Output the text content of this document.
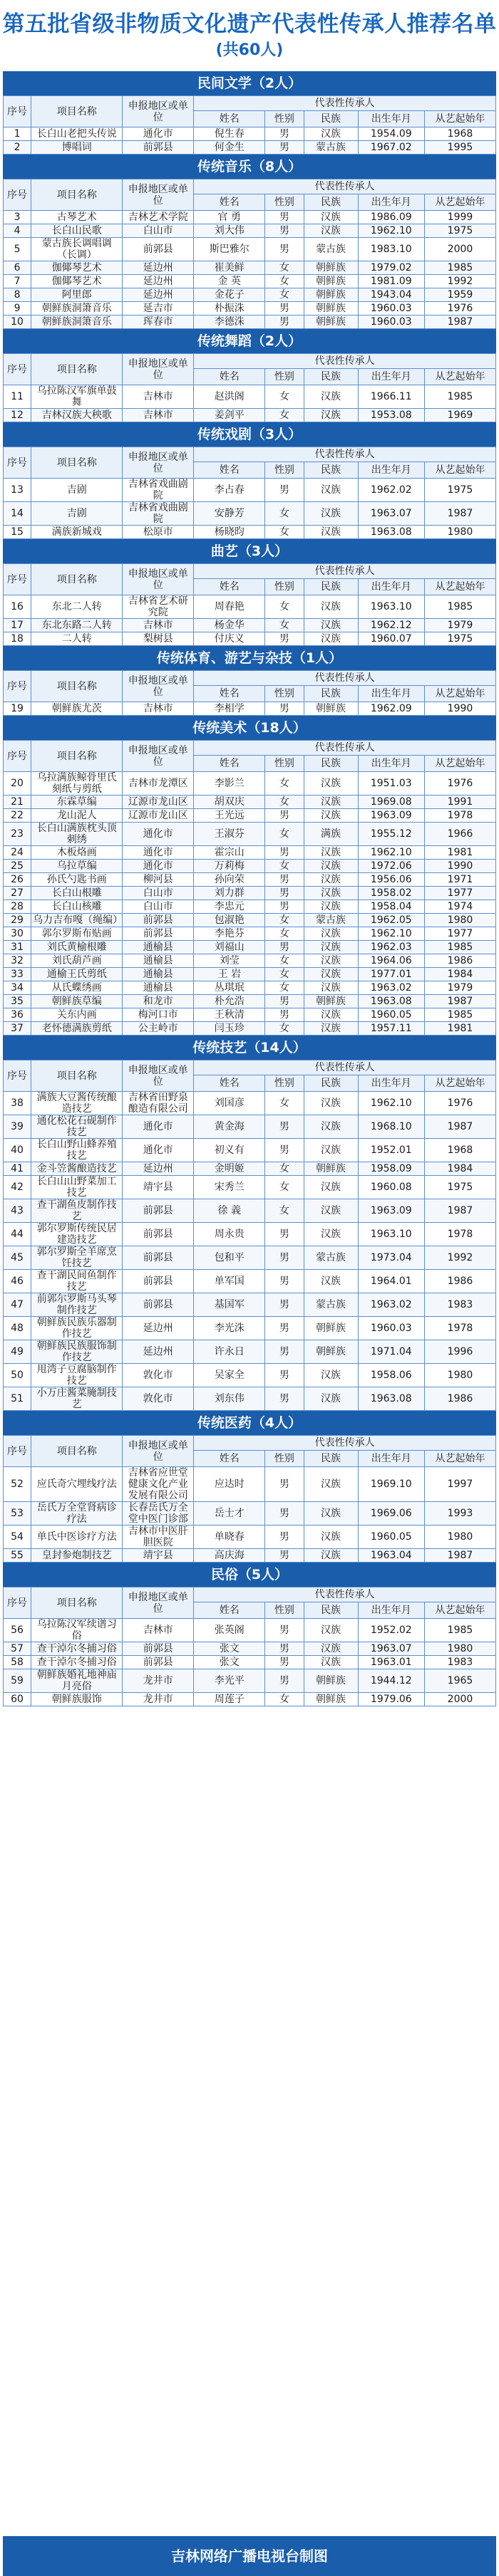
第五批省级非物质文化遗产代表性传承人推荐名单
(共60人)
民间文学（2人）
序号	项目名称	申报地区或单位	代表性传承人				
			姓名	性别	民族	出生年月	从艺起始年
1	长白山老把头传说	通化市	倪生春	男	汉族	1954.09	1968
2	博唱词	前郭县	何金生	男	蒙古族	1967.02	1995
传统音乐（8人）
序号	项目名称	申报地区或单位	代表性传承人				
			姓名	性别	民族	出生年月	从艺起始年
3	古琴艺术	吉林艺术学院	官 勇	男	汉族	1986.09	1999
4	长白山民歌	白山市	刘大伟	男	汉族	1962.10	1975
5	蒙古族长调唱调（长调）	前郭县	斯巴雅尔	男	蒙古族	1983.10	2000
6	伽倻琴艺术	延边州	崔美鲜	女	朝鲜族	1979.02	1985
7	伽倻琴艺术	延边州	金 英	女	朝鲜族	1981.09	1992
8	阿里郎	延边州	金花子	女	朝鲜族	1943.04	1959
9	朝鲜族洞箫音乐	延吉市	朴振洙	男	朝鲜族	1960.03	1976
10	朝鲜族洞箫音乐	珲春市	李德洙	男	朝鲜族	1960.03	1987
传统舞蹈（2人）
序号	项目名称	申报地区或单位	代表性传承人				
			姓名	性别	民族	出生年月	从艺起始年
11	乌拉陈汉军旗单鼓舞	吉林市	赵洪阁	女	汉族	1966.11	1985
12	吉林汉族大秧歌	吉林市	姜剑平	女	汉族	1953.08	1969
传统戏剧（3人）
序号	项目名称	申报地区或单位	代表性传承人				
			姓名	性别	民族	出生年月	从艺起始年
13	吉剧	吉林省戏曲剧院	李占春	男	汉族	1962.02	1975
14	吉剧	吉林省戏曲剧院	安静芳	女	汉族	1963.07	1987
15	满族新城戏	松原市	杨晓昀	女	汉族	1963.08	1980
曲艺（3人）
序号	项目名称	申报地区或单位	代表性传承人				
			姓名	性别	民族	出生年月	从艺起始年
16	东北二人转	吉林省艺术研究院	周春艳	女	汉族	1963.10	1985
17	东北东路二人转	吉林市	杨金华	女	汉族	1962.12	1979
18	二人转	梨树县	付庆义	男	汉族	1960.07	1975
传统体育、游艺与杂技（1人）
序号	项目名称	申报地区或单位	代表性传承人				
			姓名	性别	民族	出生年月	从艺起始年
19	朝鲜族尤茨	吉林市	李相学	男	朝鲜族	1962.09	1990
传统美术（18人）
序号	项目名称	申报地区或单位	代表性传承人				
			姓名	性别	民族	出生年月	从艺起始年
20	乌拉满族鲸骨里氏刻纸与剪纸	吉林市龙潭区	李影兰	女	汉族	1951.03	1976
21	东霖草编	辽源市龙山区	胡双庆	女	汉族	1969.08	1991
22	龙山泥人	辽源市龙山区	王光远	男	汉族	1963.09	1978
23	长白山满族枕头顶刺绣	通化市	王淑芬	女	满族	1955.12	1966
24	木板烙画	通化市	霍宗山	男	汉族	1962.10	1981
25	乌拉草编	通化市	万莉梅	女	汉族	1972.06	1990
26	孙氏勺匙书画	柳河县	孙向荣	男	汉族	1956.06	1971
27	长白山根雕	白山市	刘力群	男	汉族	1958.02	1977
28	长白山核雕	白山市	李忠元	男	汉族	1958.04	1974
29	乌力吉布嘎（绳编）	前郭县	包淑艳	女	蒙古族	1962.05	1980
30	郭尔罗斯布贴画	前郭县	李艳芬	女	汉族	1962.10	1977
31	刘氏黄榆根雕	通榆县	刘福山	男	汉族	1962.03	1985
32	刘氏葫芦画	通榆县	刘莹	女	汉族	1964.06	1986
33	通榆王氏剪纸	通榆县	王 岩	女	汉族	1977.01	1984
34	从氏蝶绣画	通榆县	丛琪珉	女	汉族	1963.02	1979
35	朝鲜族草编	和龙市	朴允浩	男	朝鲜族	1963.08	1987
36	关东内画	梅河口市	王秋清	男	汉族	1960.05	1985
37	老怀德满族剪纸	公主岭市	闫玉珍	女	汉族	1957.11	1981
传统技艺（14人）
序号	项目名称	申报地区或单位	代表性传承人				
			姓名	性别	民族	出生年月	从艺起始年
38	满族大豆酱传统酿造技艺	吉林省田野泉酿造有限公司	刘国彦	女	汉族	1962.10	1976
39	通化松花石砚制作技艺	通化市	黄金海	男	汉族	1968.10	1987
40	长白山野山蜂养殖技艺	通化市	初义有	男	汉族	1952.01	1968
41	金斗笠酱酿造技艺	延边州	金明姬	女	朝鲜族	1958.09	1984
42	长白山山野菜加工技艺	靖宇县	宋秀兰	女	汉族	1960.08	1975
43	查干湖鱼皮制作技艺	前郭县	徐 義	女	汉族	1963.09	1987
44	郭尔罗斯传统民居建造技艺	前郭县	周永贵	男	汉族	1963.10	1978
45	郭尔罗斯全羊席烹饪技艺	前郭县	包和平	男	蒙古族	1973.04	1992
46	查干湖民间鱼制作技艺	前郭县	单军国	男	汉族	1964.01	1986
47	前郭尔罗斯马头琴制作技艺	前郭县	基国军	男	蒙古族	1963.02	1983
48	朝鲜族民族乐器制作技艺	延边州	李光洙	男	朝鲜族	1960.03	1978
49	朝鲜族民族服饰制作技艺	延边州	许永日	男	朝鲜族	1971.04	1996
50	甩湾子豆腐脑制作技艺	敦化市	吴家全	男	汉族	1958.06	1980
51	小万庄酱菜腌制技艺	敦化市	刘东伟	男	汉族	1963.08	1986
传统医药（4人）
序号	项目名称	申报地区或单位	代表性传承人				
			姓名	性别	民族	出生年月	从艺起始年
52	应氏奇穴埋线疗法	吉林省应世堂健康文化产业发展有限公司	应达时	男	汉族	1969.10	1997
53	岳氏万全堂肾病诊疗法	长春岳氏万全堂中医门诊部	岳士才	男	汉族	1969.06	1993
54	单氏中医诊疗方法	吉林市中医肝胆医院	单晓春	男	汉族	1960.05	1980
55	皇封参炮制技艺	靖宇县	高庆海	男	汉族	1963.04	1987
民俗（5人）
序号	项目名称	申报地区或单位	代表性传承人				
			姓名	性别	民族	出生年月	从艺起始年
56	乌拉陈汉军续谱习俗	吉林市	张英阁	男	汉族	1952.02	1985
57	查干淖尔冬捕习俗	前郭县	张文	男	汉族	1963.07	1980
58	查干淖尔冬捕习俗	前郭县	张文	男	汉族	1963.01	1983
59	朝鲜族婚礼地神庙月亮俗	龙井市	李光平	男	朝鲜族	1944.12	1965
60	朝鲜族服饰	龙井市	周莲子	女	朝鲜族	1979.06	2000
吉林网络广播电视台制图
